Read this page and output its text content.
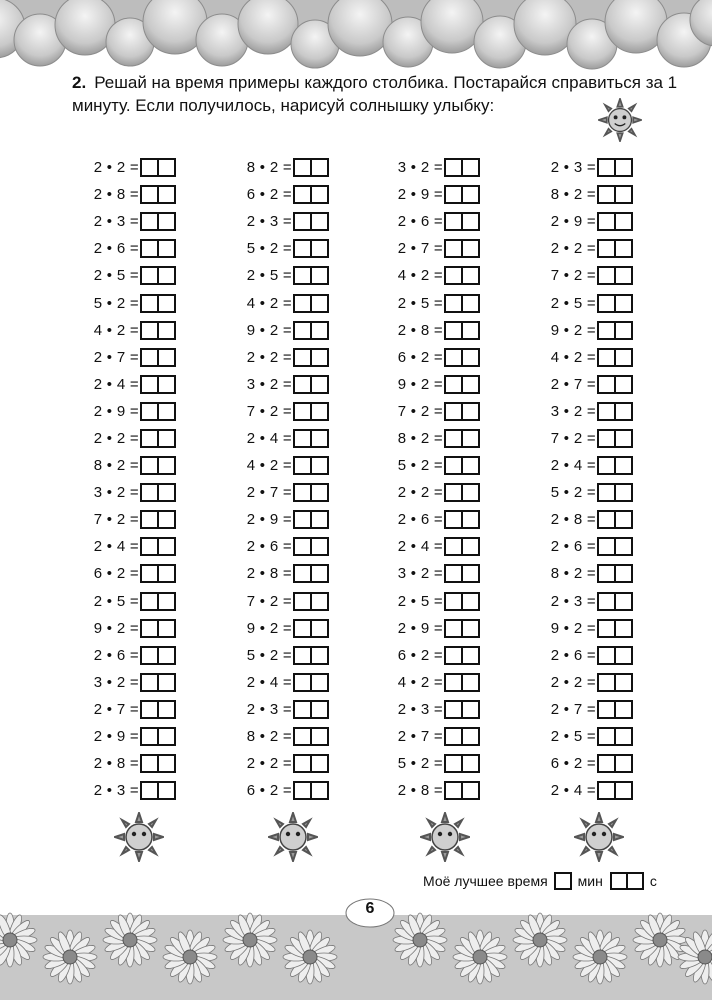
2. Решай на время примеры каждого столбика. Постарайся справиться за 1 минуту. Если получилось, нарисуй солнышку улыбку:
2 • 2 =
2 • 8 =
2 • 3 =
2 • 6 =
2 • 5 =
5 • 2 =
4 • 2 =
2 • 7 =
2 • 4 =
2 • 9 =
2 • 2 =
8 • 2 =
3 • 2 =
7 • 2 =
2 • 4 =
6 • 2 =
2 • 5 =
9 • 2 =
2 • 6 =
3 • 2 =
2 • 7 =
2 • 9 =
2 • 8 =
2 • 3 =
8 • 2 =
6 • 2 =
2 • 3 =
5 • 2 =
2 • 5 =
4 • 2 =
9 • 2 =
2 • 2 =
3 • 2 =
7 • 2 =
2 • 4 =
4 • 2 =
2 • 7 =
2 • 9 =
2 • 6 =
2 • 8 =
7 • 2 =
9 • 2 =
5 • 2 =
2 • 4 =
2 • 3 =
8 • 2 =
2 • 2 =
6 • 2 =
3 • 2 =
2 • 9 =
2 • 6 =
2 • 7 =
4 • 2 =
2 • 5 =
2 • 8 =
6 • 2 =
9 • 2 =
7 • 2 =
8 • 2 =
5 • 2 =
2 • 2 =
2 • 6 =
2 • 4 =
3 • 2 =
2 • 5 =
2 • 9 =
6 • 2 =
4 • 2 =
2 • 3 =
2 • 7 =
5 • 2 =
2 • 8 =
2 • 3 =
8 • 2 =
2 • 9 =
2 • 2 =
7 • 2 =
2 • 5 =
9 • 2 =
4 • 2 =
2 • 7 =
3 • 2 =
7 • 2 =
2 • 4 =
5 • 2 =
2 • 8 =
2 • 6 =
8 • 2 =
2 • 3 =
9 • 2 =
2 • 6 =
2 • 2 =
2 • 7 =
2 • 5 =
6 • 2 =
2 • 4 =
Моё лучшее время мин	с
6
